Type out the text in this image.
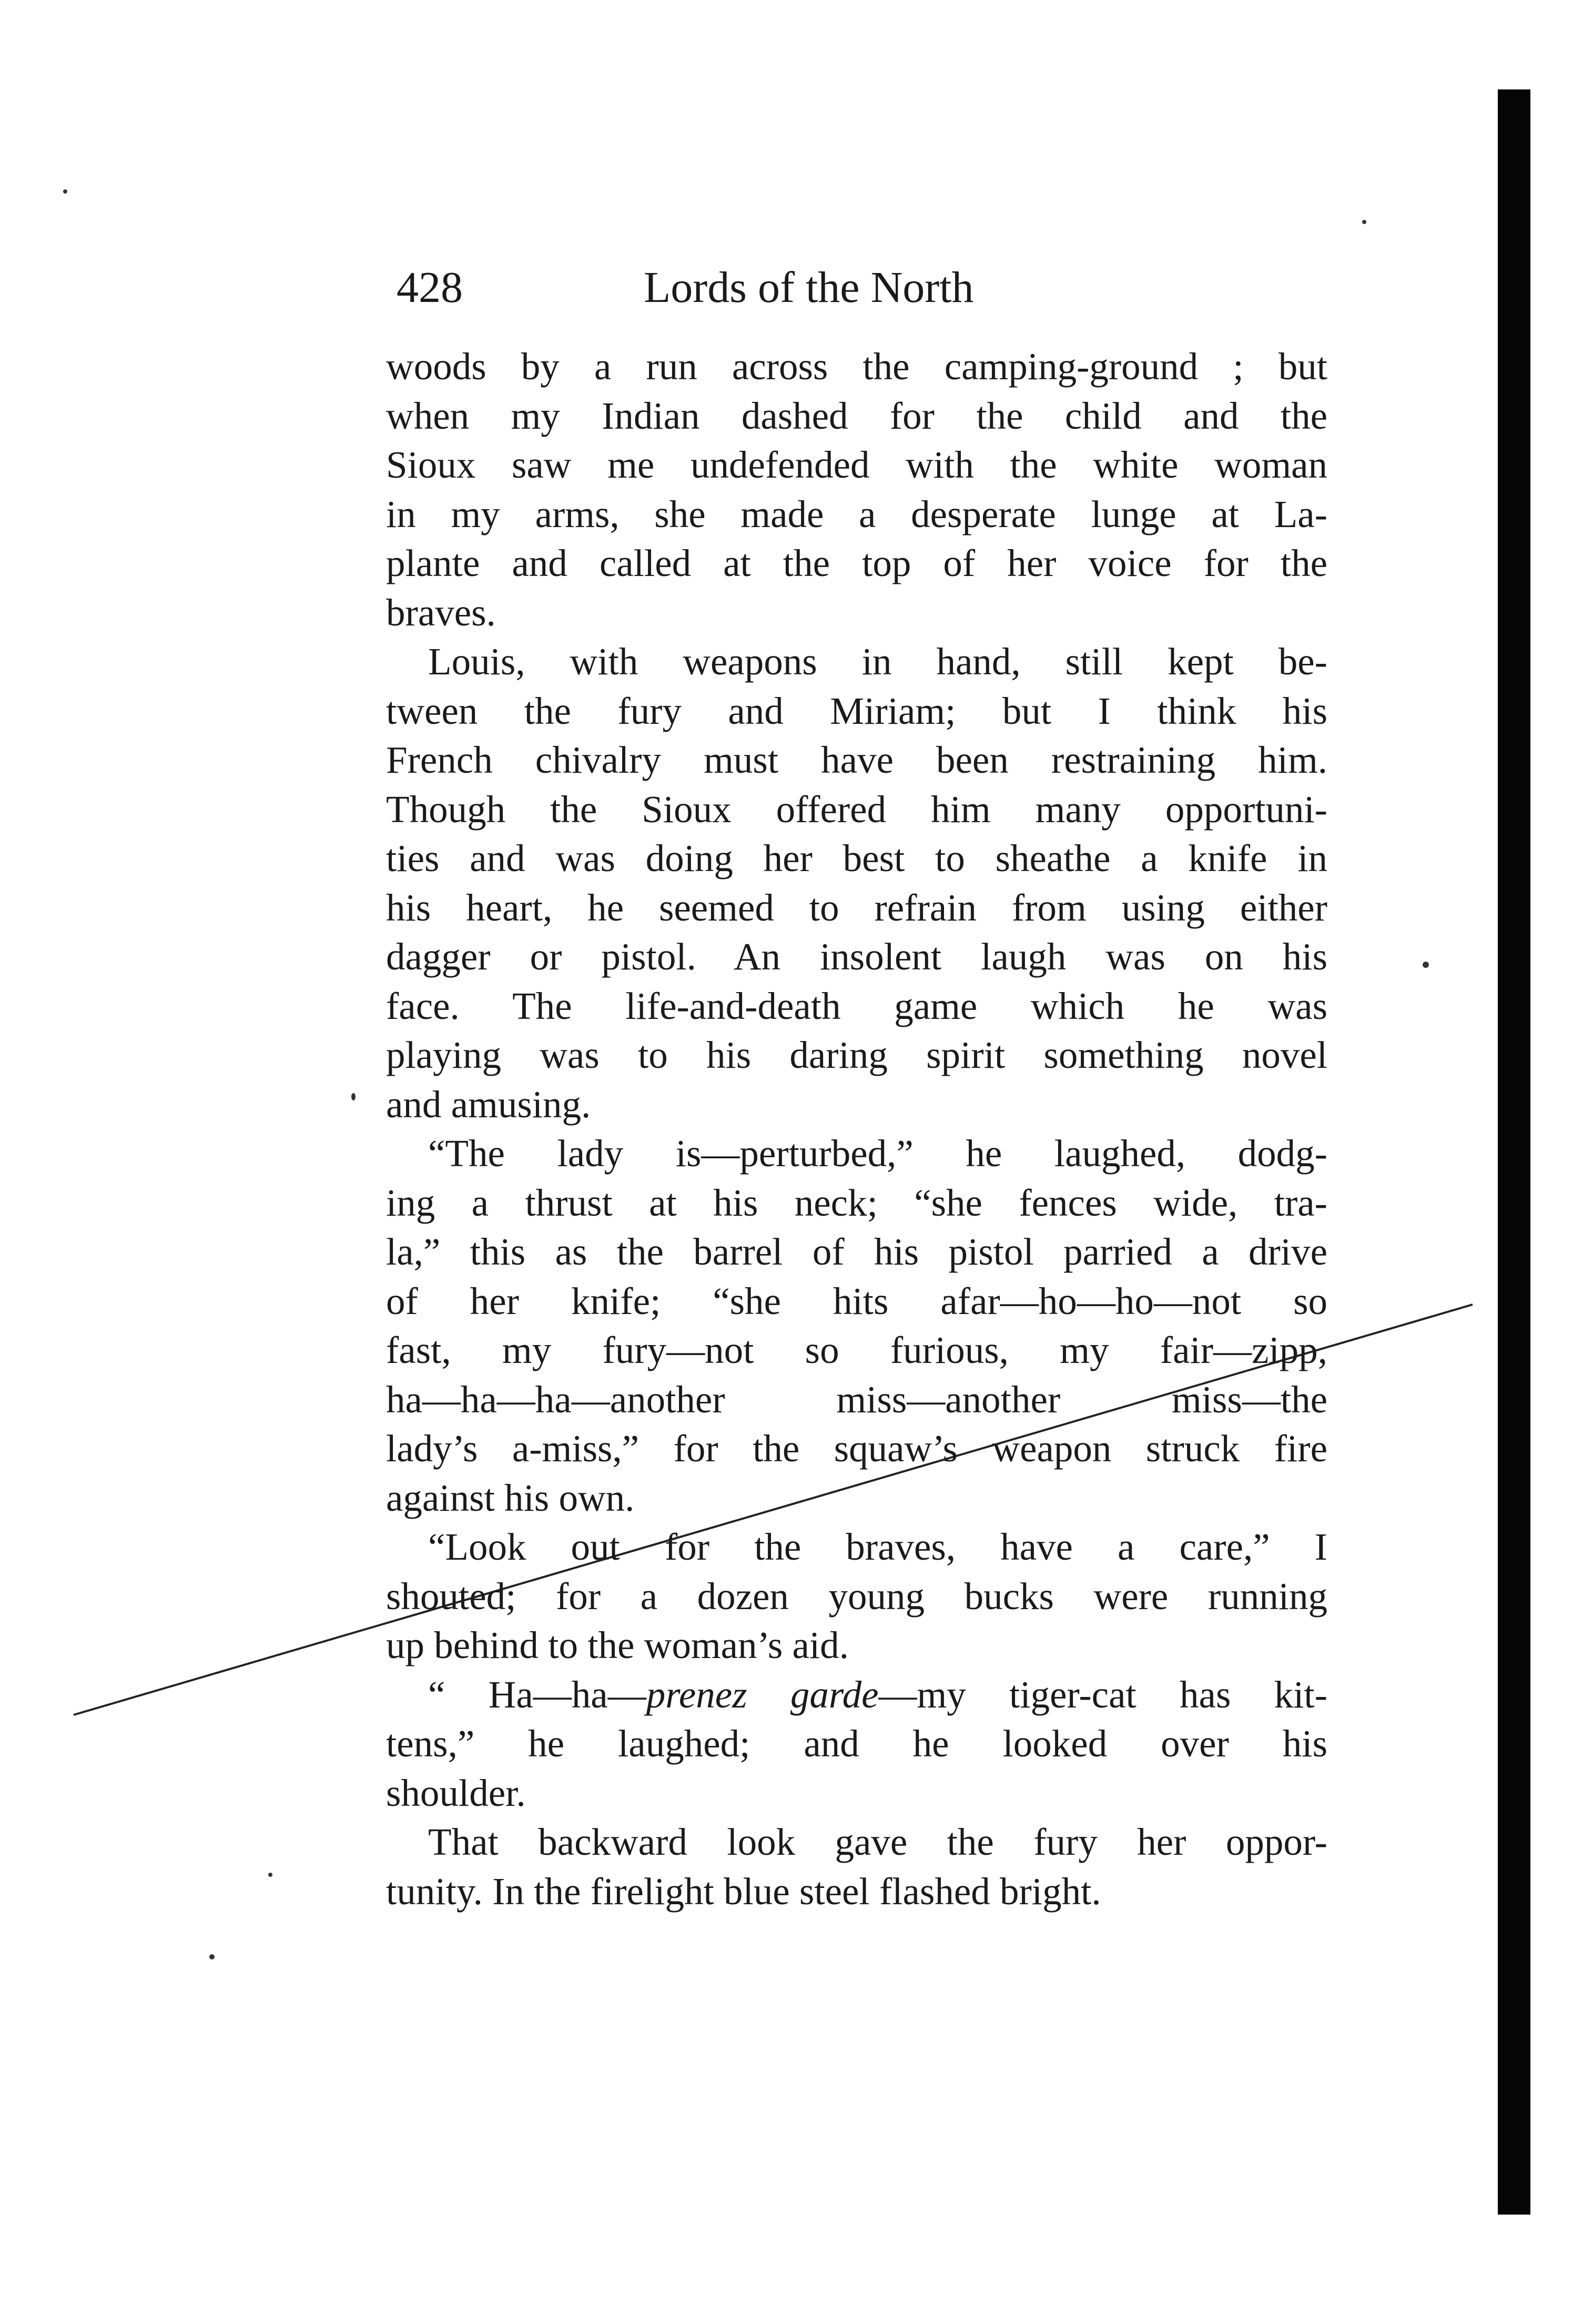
428	Lords of the North
woods by a run across the camping-ground ; but
when my Indian dashed for the child and the
Sioux saw me undefended with the white woman
in my arms, she made a desperate lunge at La-
plante and called at the top of her voice for the
braves.
Louis, with weapons in hand, still kept be-
tween the fury and Miriam; but I think his
French chivalry must have been restraining him.
Though the Sioux offered him many opportuni-
ties and was doing her best to sheathe a knife in
his heart, he seemed to refrain from using either
dagger or pistol. An insolent laugh was on his
face. The life-and-death game which he was
playing was to his daring spirit something novel
and amusing.
“The lady is—perturbed,” he laughed, dodg-
ing a thrust at his neck; “she fences wide, tra-
la,” this as the barrel of his pistol parried a drive
of her knife; “she hits afar—ho—ho—not so
fast, my fury—not so furious, my fair—zipp,
ha—ha—ha—another miss—another miss—the
lady’s a-miss,” for the squaw’s weapon struck fire
against his own.
“Look out for the braves, have a care,” I
shouted; for a dozen young bucks were running
up behind to the woman’s aid.
“ Ha—ha—prenez garde—my tiger-cat has kit-
tens,” he laughed; and he looked over his
shoulder.
That backward look gave the fury her oppor-
tunity. In the firelight blue steel flashed bright.
